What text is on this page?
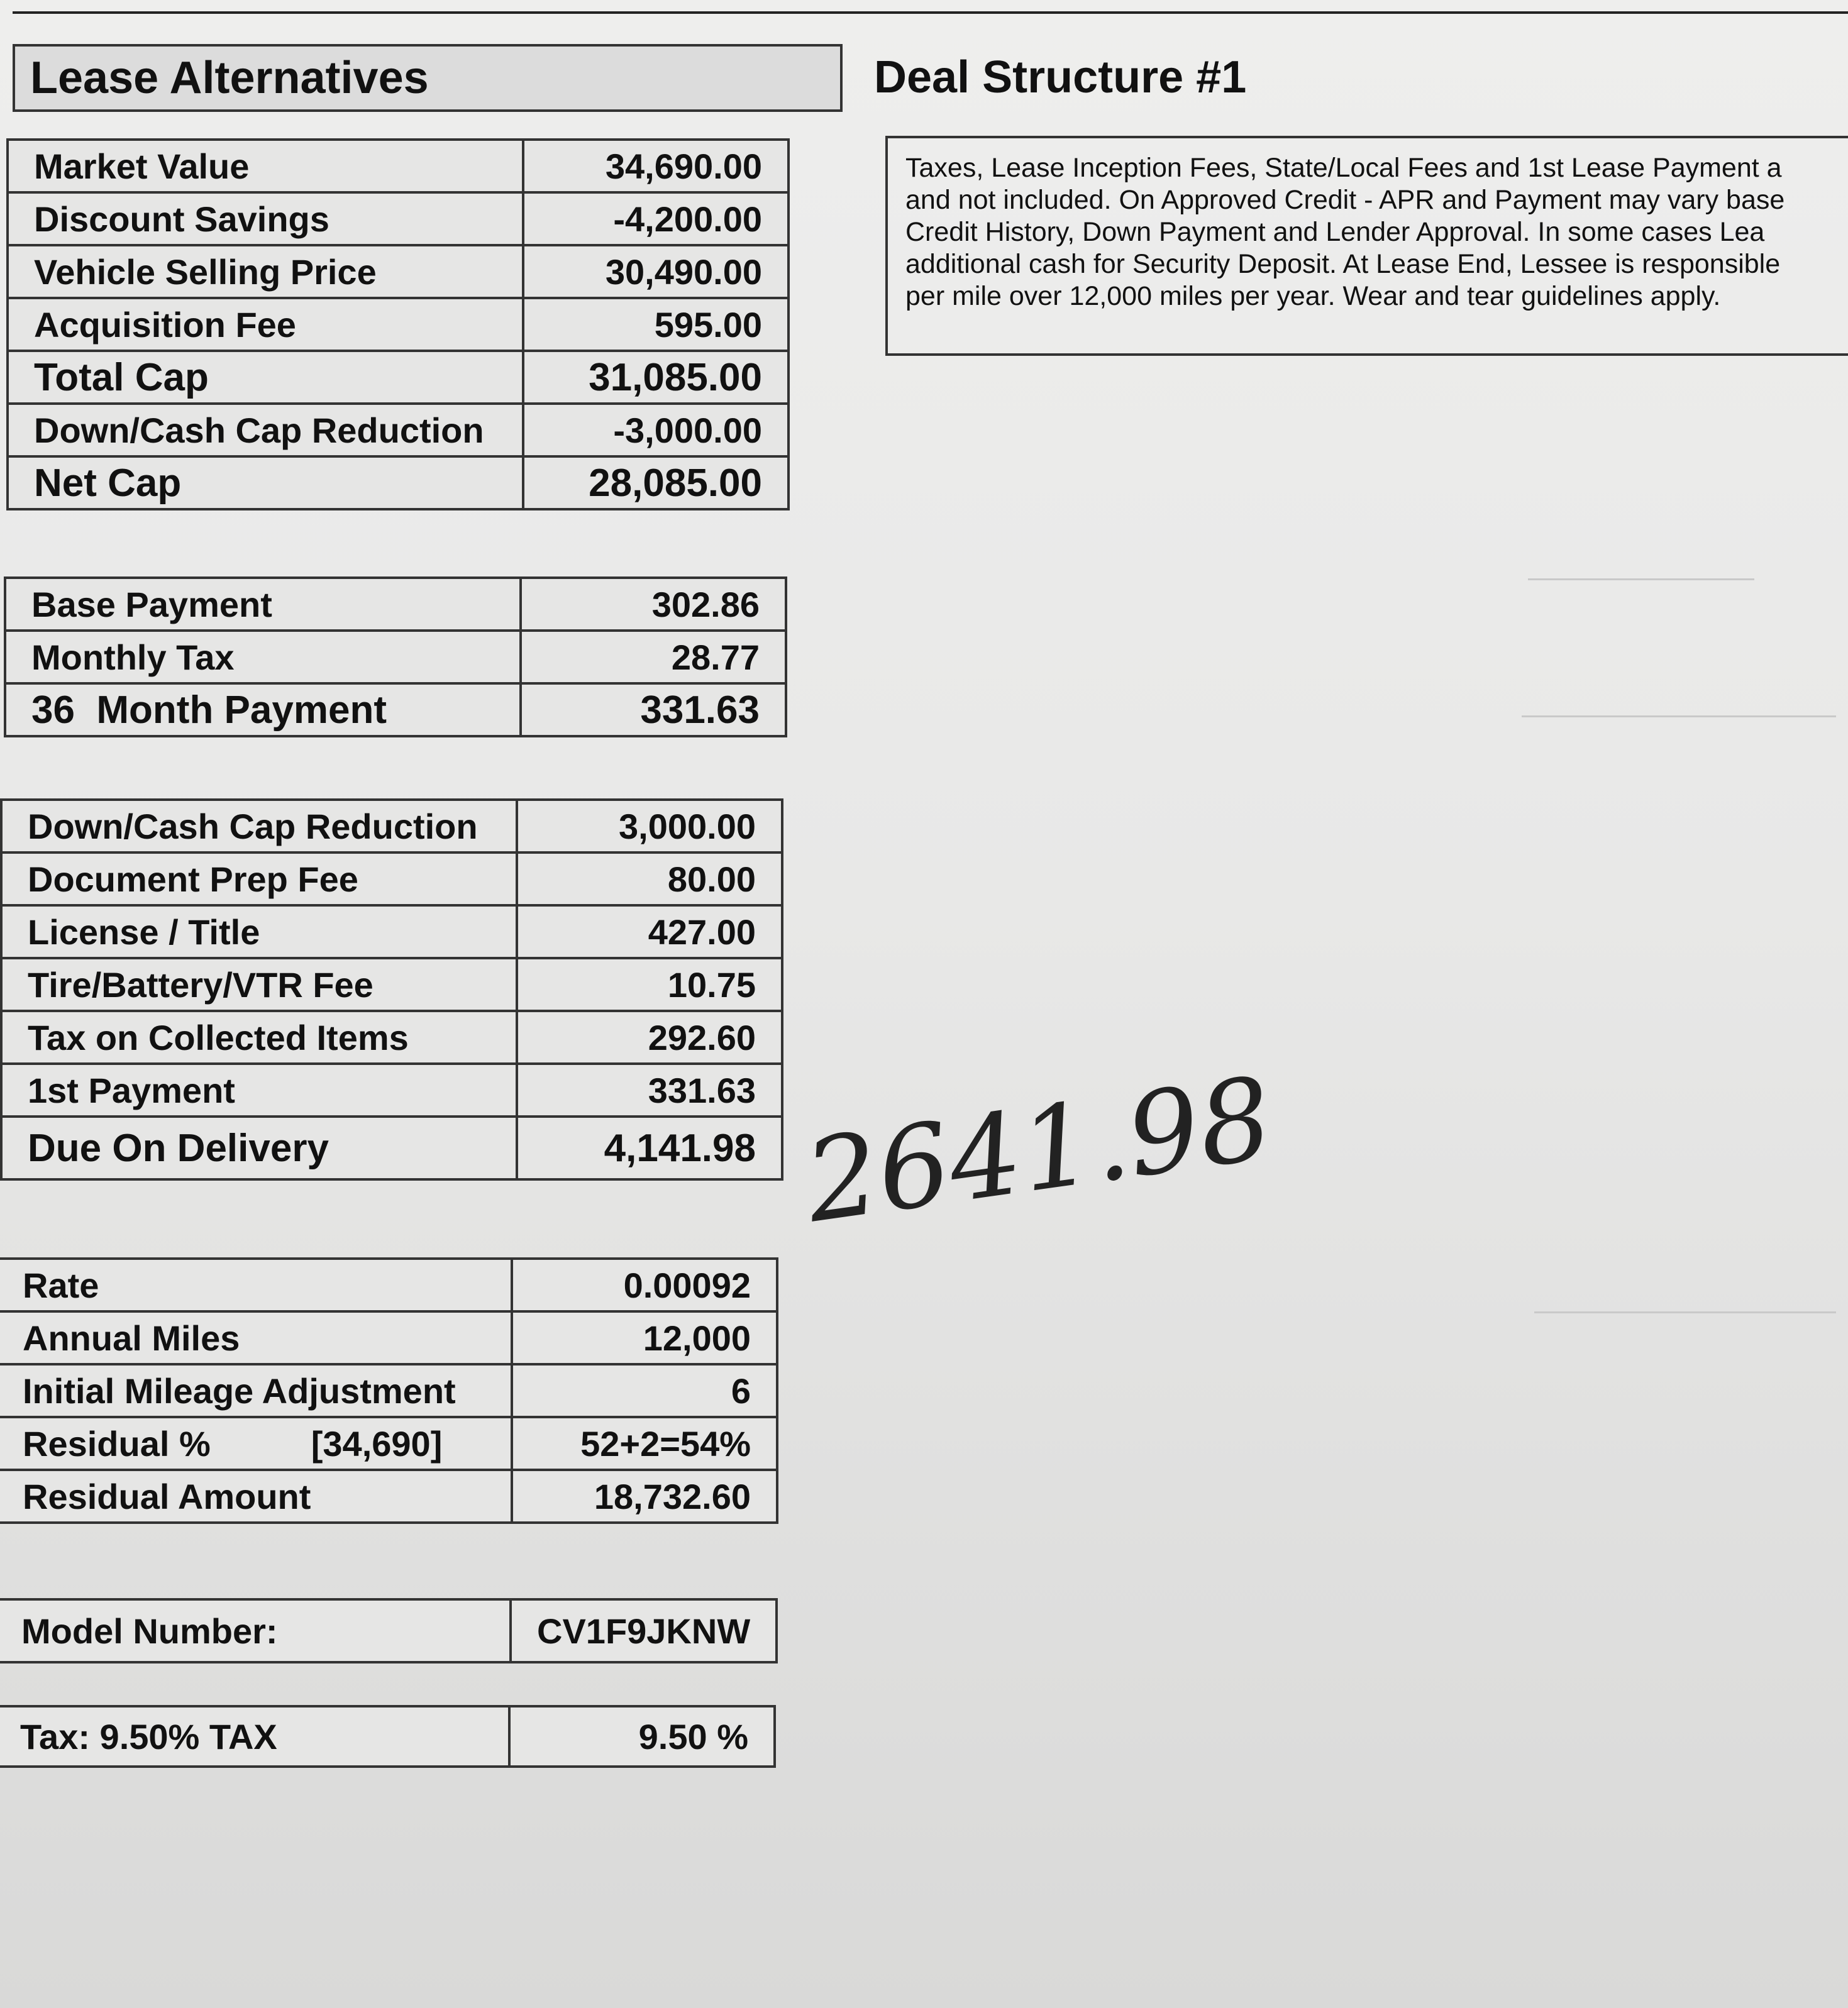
Lease Alternatives	Deal Structure #1
Taxes, Lease Inception Fees, State/Local Fees and 1st Lease Payment a
and not included. On Approved Credit - APR and Payment may vary base
Credit History, Down Payment and Lender Approval. In some cases Lea
additional cash for Security Deposit. At Lease End, Lessee is responsible
per mile over 12,000 miles per year. Wear and tear guidelines apply.
Market Value	34,690.00
Discount Savings	-4,200.00
Vehicle Selling Price	30,490.00
Acquisition Fee	595.00
Total Cap	31,085.00
Down/Cash Cap Reduction	-3,000.00
Net Cap	28,085.00
Base Payment	302.86
Monthly Tax	28.77
36  Month Payment	331.63
Down/Cash Cap Reduction	3,000.00
Document Prep Fee	80.00
License / Title	427.00
Tire/Battery/VTR Fee	10.75
Tax on Collected Items	292.60
1st Payment	331.63
Due On Delivery	4,141.98
Rate	0.00092
Annual Miles	12,000
Initial Mileage Adjustment	6
Residual % [34,690]	52+2=54%
Residual Amount	18,732.60
Model Number:	CV1F9JKNW
Tax: 9.50% TAX	9.50 %
2641.98
